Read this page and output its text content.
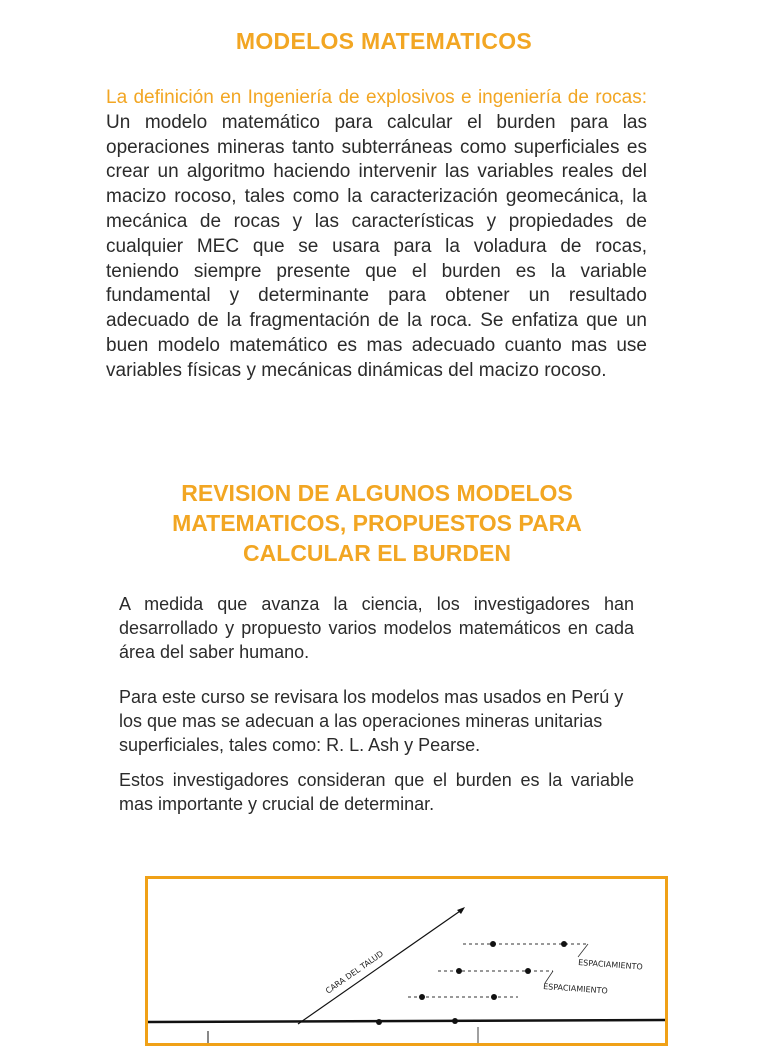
MODELOS MATEMATICOS
La definición en Ingeniería de explosivos e ingeniería de rocas: Un modelo matemático para calcular el burden para las operaciones mineras tanto subterráneas como superficiales es crear un algoritmo haciendo intervenir las variables reales del macizo rocoso, tales como la caracterización geomecánica, la mecánica de rocas y las características y propiedades de cualquier MEC que se usara para la voladura de rocas, teniendo siempre presente que el burden es la variable fundamental y determinante para obtener un resultado adecuado de la fragmentación de la roca. Se enfatiza que un buen modelo matemático es mas adecuado cuanto mas use variables físicas y mecánicas dinámicas del macizo rocoso.
REVISION DE ALGUNOS MODELOS MATEMATICOS, PROPUESTOS PARA CALCULAR EL BURDEN
A medida que avanza la ciencia, los investigadores han desarrollado y propuesto varios modelos matemáticos en cada área del saber humano.
Para este curso se revisara los modelos mas usados en Perú y los que mas se adecuan a las operaciones mineras unitarias superficiales, tales como: R. L. Ash y Pearse.
Estos investigadores consideran que el burden es la variable mas importante y crucial de determinar.
CARA DEL TALUD	ESPACIAMIENTO
ESPACIAMIENTO
